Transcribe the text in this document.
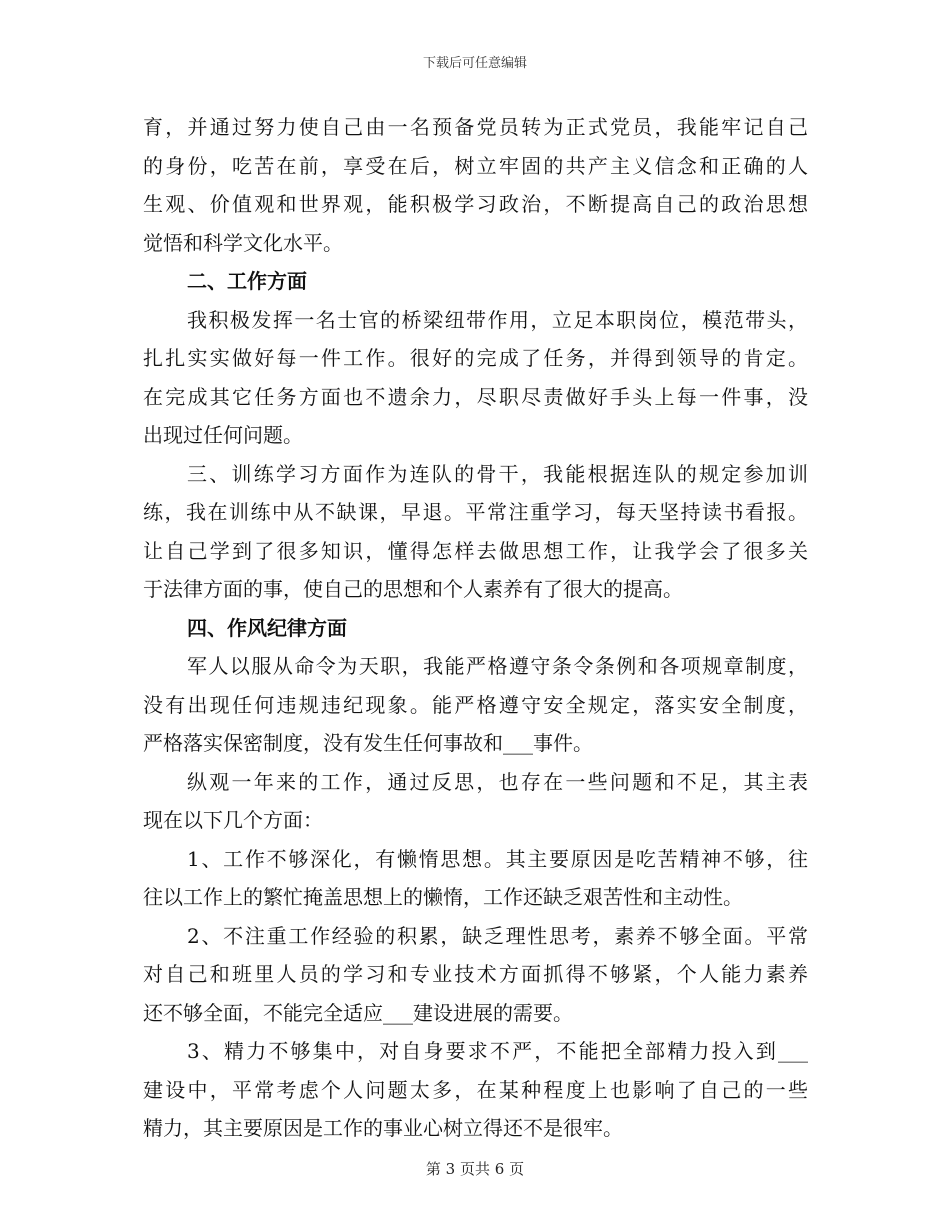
下载后可任意编辑
育，并通过努力使自己由一名预备党员转为正式党员，我能牢记自己
的身份，吃苦在前，享受在后，树立牢固的共产主义信念和正确的人
生观、价值观和世界观，能积极学习政治，不断提高自己的政治思想
觉悟和科学文化水平。
二、工作方面
我积极发挥一名士官的桥梁纽带作用，立足本职岗位，模范带头，
扎扎实实做好每一件工作。很好的完成了任务，并得到领导的肯定。
在完成其它任务方面也不遗余力，尽职尽责做好手头上每一件事，没
出现过任何问题。
三、训练学习方面作为连队的骨干，我能根据连队的规定参加训
练，我在训练中从不缺课，早退。平常注重学习，每天坚持读书看报。
让自己学到了很多知识，懂得怎样去做思想工作，让我学会了很多关
于法律方面的事，使自己的思想和个人素养有了很大的提高。
四、作风纪律方面
军人以服从命令为天职，我能严格遵守条令条例和各项规章制度，
没有出现任何违规违纪现象。能严格遵守安全规定，落实安全制度，
严格落实保密制度，没有发生任何事故和___事件。
纵观一年来的工作，通过反思，也存在一些问题和不足，其主表
现在以下几个方面：
1、工作不够深化，有懒惰思想。其主要原因是吃苦精神不够，往
往以工作上的繁忙掩盖思想上的懒惰，工作还缺乏艰苦性和主动性。
2、不注重工作经验的积累，缺乏理性思考，素养不够全面。平常
对自己和班里人员的学习和专业技术方面抓得不够紧，个人能力素养
还不够全面，不能完全适应___建设进展的需要。
3、精力不够集中，对自身要求不严，不能把全部精力投入到___
建设中，平常考虑个人问题太多，在某种程度上也影响了自己的一些
精力，其主要原因是工作的事业心树立得还不是很牢。
第 3 页共 6 页
